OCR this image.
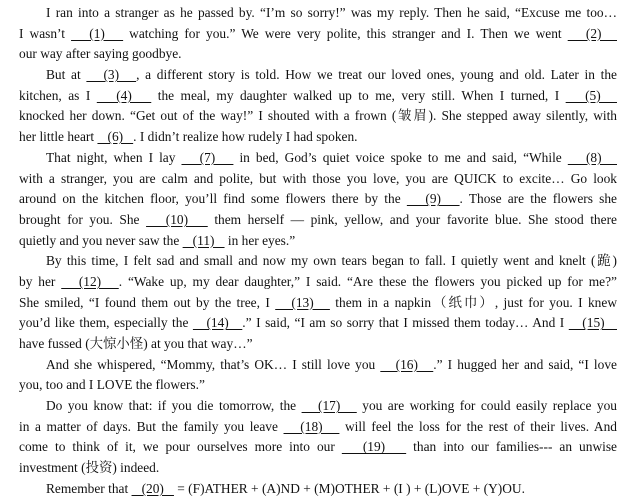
I ran into a stranger as he passed by. “I’m so sorry!” was my reply. Then he said, “Excuse me too…
I wasn’t    (1)    watching for you.” We were very polite, this stranger and I. Then we went    (2)
our way after saying goodbye.
But at    (3)   , a different story is told. How we treat our loved ones, young and old. Later in the
kitchen, as I    (4)    the meal, my daughter walked up to me, very still. When I turned, I    (5)
knocked her down. “Get out of the way!” I shouted with a frown (皱眉). She stepped away silently, with
her little heart    (6)   . I didn’t realize how rudely I had spoken.
That night, when I lay    (7)    in bed, God’s quiet voice spoke to me and said, “While    (8)
with a stranger, you are calm and polite, but with those you love, you are QUICK to excite… Go look
around on the kitchen floor, you’ll find some flowers there by the    (9)   . Those are the flowers she
brought for you. She    (10)    them herself — pink, yellow, and your favorite blue. She stood there
quietly and you never saw the    (11)    in her eyes.”
By this time, I felt sad and small and now my own tears began to fall. I quietly went and knelt (跪)
by her    (12)   . “Wake up, my dear daughter,” I said. “Are these the flowers you picked up for me?”
She smiled, “I found them out by the tree, I    (13)    them in a napkin（纸巾）, just for you. I knew
you’d like them, especially the    (14)   .” I said, “I am so sorry that I missed them today… And I    (15)
have fussed (大惊小怪) at you that way…”
And she whispered, “Mommy, that’s OK… I still love you    (16)   .” I hugged her and said, “I love
you, too and I LOVE the flowers.”
Do you know that: if you die tomorrow, the    (17)    you are working for could easily replace you
in a matter of days. But the family you leave    (18)    will feel the loss for the rest of their lives. And
come to think of it, we pour ourselves more into our    (19)    than into our families--- an unwise
investment (投资) indeed.
Remember that    (20)    = (F)ATHER + (A)ND + (M)OTHER + (I ) + (L)OVE + (Y)OU.
